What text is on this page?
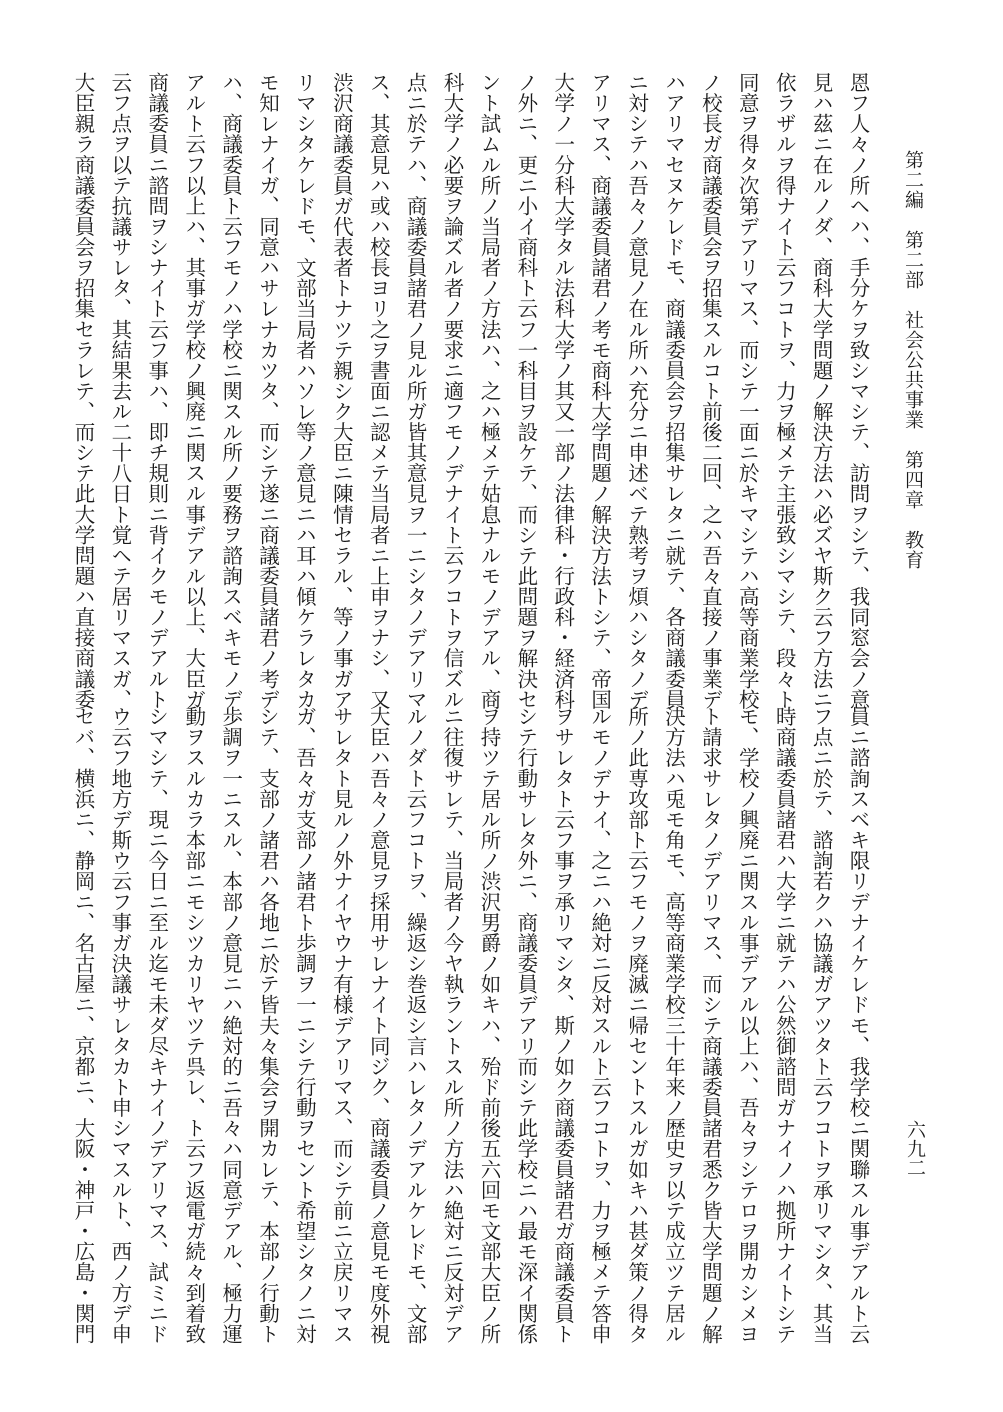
第二編　第二部　社会公共事業　第四章　教育
六九二
恩フ人々ノ所ヘハ、手分ケヲ致シマシテ、訪問ヲシテ、我同窓会ノ意
見ハ茲ニ在ルノダ、商科大学問題ノ解決方法ハ必ズヤ斯ク云フ方法ニ
依ラザルヲ得ナイト云フコトヲ、力ヲ極メテ主張致シマシテ、段々ト
同意ヲ得タ次第デアリマス、而シテ一面ニ於キマシテハ高等商業学校
ノ校長ガ商議委員会ヲ招集スルコト前後二回、之ハ吾々直接ノ事業デ
ハアリマセヌケレドモ、商議委員会ヲ招集サレタニ就テ、各商議委員
ニ対シテハ吾々ノ意見ノ在ル所ハ充分ニ申述ベテ熟考ヲ煩ハシタノデ
アリマス、商議委員諸君ノ考モ商科大学問題ノ解決方法トシテ、帝国
大学ノ一分科大学タル法科大学ノ其又一部ノ法律科・行政科・経済科
ノ外ニ、更ニ小イ商科ト云フ一科目ヲ設ケテ、而シテ此問題ヲ解決セ
ント試ムル所ノ当局者ノ方法ハ、之ハ極メテ姑息ナルモノデアル、商
科大学ノ必要ヲ論ズル者ノ要求ニ適フモノデナイト云フコトヲ信ズル
点ニ於テハ、商議委員諸君ノ見ル所ガ皆其意見ヲ一ニシタノデアリマ
ス、其意見ハ或ハ校長ヨリ之ヲ書面ニ認メテ当局者ニ上申ヲナシ、又
渋沢商議委員ガ代表者トナツテ親シク大臣ニ陳情セラル、等ノ事ガア
リマシタケレドモ、文部当局者ハソレ等ノ意見ニハ耳ハ傾ケラレタカ
モ知レナイガ、同意ハサレナカツタ、而シテ遂ニ商議委員諸君ノ考デ
ハ、商議委員ト云フモノハ学校ニ関スル所ノ要務ヲ諮詢スベキモノデ
アルト云フ以上ハ、其事ガ学校ノ興廃ニ関スル事デアル以上、大臣ガ
商議委員ニ諮問ヲシナイト云フ事ハ、即チ規則ニ背イクモノデアルト
云フ点ヲ以テ抗議サレタ、其結果去ル二十八日ト覚ヘテ居リマスガ、
大臣親ラ商議委員会ヲ招集セラレテ、而シテ此大学問題ハ直接商議委
員ニ諮詢スベキ限リデナイケレドモ、我学校ニ関聯スル事デアルト云
フ点ニ於テ、諮詢若クハ協議ガアツタト云フコトヲ承リマシタ、其当
時商議委員諸君ハ大学ニ就テハ公然御諮問ガナイノハ拠所ナイトシテ
モ、学校ノ興廃ニ関スル事デアル以上ハ、吾々ヲシテロヲ開カシメヨ
ト請求サレタノデアリマス、而シテ商議委員諸君悉ク皆大学問題ノ解
決方法ハ兎モ角モ、高等商業学校三十年来ノ歴史ヲ以テ成立ツテ居ル
所ノ此専攻部ト云フモノヲ廃滅ニ帰セントスルガ如キハ甚ダ策ノ得タ
ルモノデナイ、之ニハ絶対ニ反対スルト云フコトヲ、力ヲ極メテ答申
ヲサレタト云フ事ヲ承リマシタ、斯ノ如ク商議委員諸君ガ商議委員ト
シテ行動サレタ外ニ、商議委員デアリ而シテ此学校ニハ最モ深イ関係
ヲ持ツテ居ル所ノ渋沢男爵ノ如キハ、殆ド前後五六回モ文部大臣ノ所
ニ往復サレテ、当局者ノ今ヤ執ラントスル所ノ方法ハ絶対ニ反対デア
ルノダト云フコトヲ、繰返シ巻返シ言ハレタノデアルケレドモ、文部
大臣ハ吾々ノ意見ヲ採用サレナイト同ジク、商議委員ノ意見モ度外視
サレタト見ルノ外ナイヤウナ有様デアリマス、而シテ前ニ立戻リマス
ガ、吾々ガ支部ノ諸君ト歩調ヲ一ニシテ行動ヲセント希望シタノニ対
シテ、支部ノ諸君ハ各地ニ於テ皆夫々集会ヲ開カレテ、本部ノ行動ト
歩調ヲ一ニスル、本部ノ意見ニハ絶対的ニ吾々ハ同意デアル、極力運
動ヲスルカラ本部ニモシツカリヤツテ呉レ、ト云フ返電ガ続々到着致
シマシテ、現ニ今日ニ至ル迄モ未ダ尽キナイノデアリマス、試ミニド
ウ云フ地方デ斯ウ云フ事ガ決議サレタカト申シマスルト、西ノ方デ申
セバ、横浜ニ、静岡ニ、名古屋ニ、京都ニ、大阪・神戸・広島・関門
